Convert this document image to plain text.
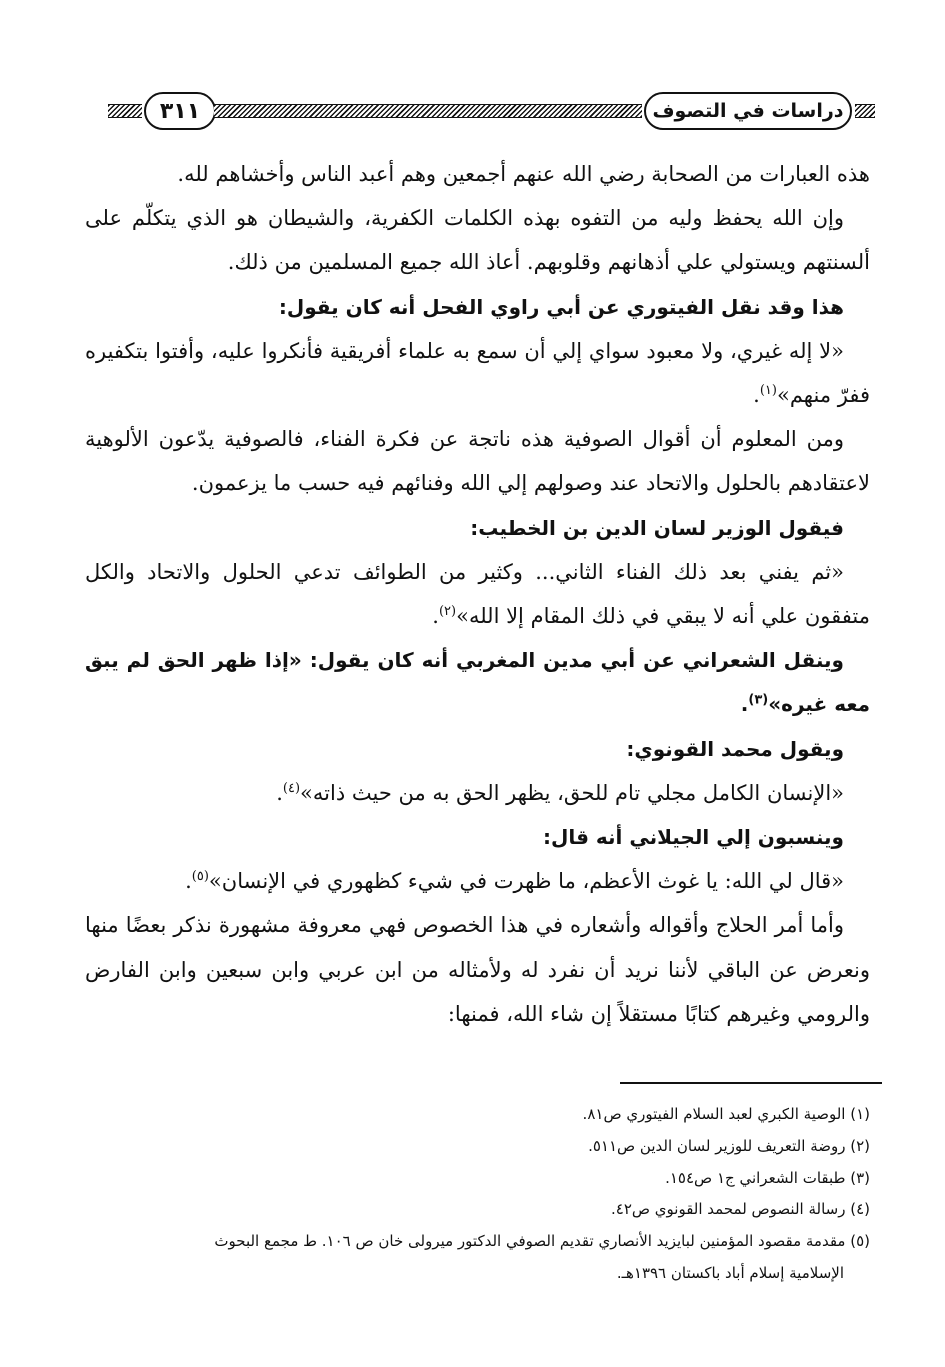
٣١١	دراسات في التصوف

هذه العبارات من الصحابة رضي الله عنهم أجمعين وهم أعبد الناس وأخشاهم لله.

وإن الله يحفظ وليه من التفوه بهذه الكلمات الكفرية، والشيطان هو الذي يتكلّم على ألسنتهم ويستولي علي أذهانهم وقلوبهم. أعاذ الله جميع المسلمين من ذلك.

هذا وقد نقل الفيتوري عن أبي راوي الفحل أنه كان يقول:

«لا إله غيري، ولا معبود سواي إلي أن سمع به علماء أفريقية فأنكروا عليه، وأفتوا بتكفيره ففرّ منهم»$^{(١)}$.

ومن المعلوم أن أقوال الصوفية هذه ناتجة عن فكرة الفناء، فالصوفية يدّعون الألوهية لاعتقادهم بالحلول والاتحاد عند وصولهم إلي الله وفنائهم فيه حسب ما يزعمون.

فيقول الوزير لسان الدين بن الخطيب:

«ثم يفني بعد ذلك الفناء الثاني... وكثير من الطوائف تدعي الحلول والاتحاد والكل متفقون علي أنه لا يبقي في ذلك المقام إلا الله»$^{(٢)}$.

وينقل الشعراني عن أبي مدين المغربي أنه كان يقول: «إذا ظهر الحق لم يبق معه غيره»$^{(٣)}$.

ويقول محمد القونوي:

«الإنسان الكامل مجلي تام للحق، يظهر الحق به من حيث ذاته»$^{(٤)}$.

وينسبون إلي الجيلاني أنه قال:

«قال لي الله: يا غوث الأعظم، ما ظهرت في شيء كظهوري في الإنسان»$^{(٥)}$.

وأما أمر الحلاج وأقواله وأشعاره في هذا الخصوص فهي معروفة مشهورة نذكر بعضًا منها ونعرض عن الباقي لأننا نريد أن نفرد له ولأمثاله من ابن عربي وابن سبعين وابن الفارض والرومي وغيرهم كتابًا مستقلاً إن شاء الله، فمنها:

(١) الوصية الكبري لعبد السلام الفيتوري ص٨١.
(٢) روضة التعريف للوزير لسان الدين ص٥١١.
(٣) طبقات الشعراني ج١ ص١٥٤.
(٤) رسالة النصوص لمحمد القونوي ص٤٢.
(٥) مقدمة مقصود المؤمنين لبايزيد الأنصاري تقديم الصوفي الدكتور ميرولى خان ص ١٠٦. ط مجمع البحوث
الإسلامية إسلام أباد باكستان ١٣٩٦هـ.
